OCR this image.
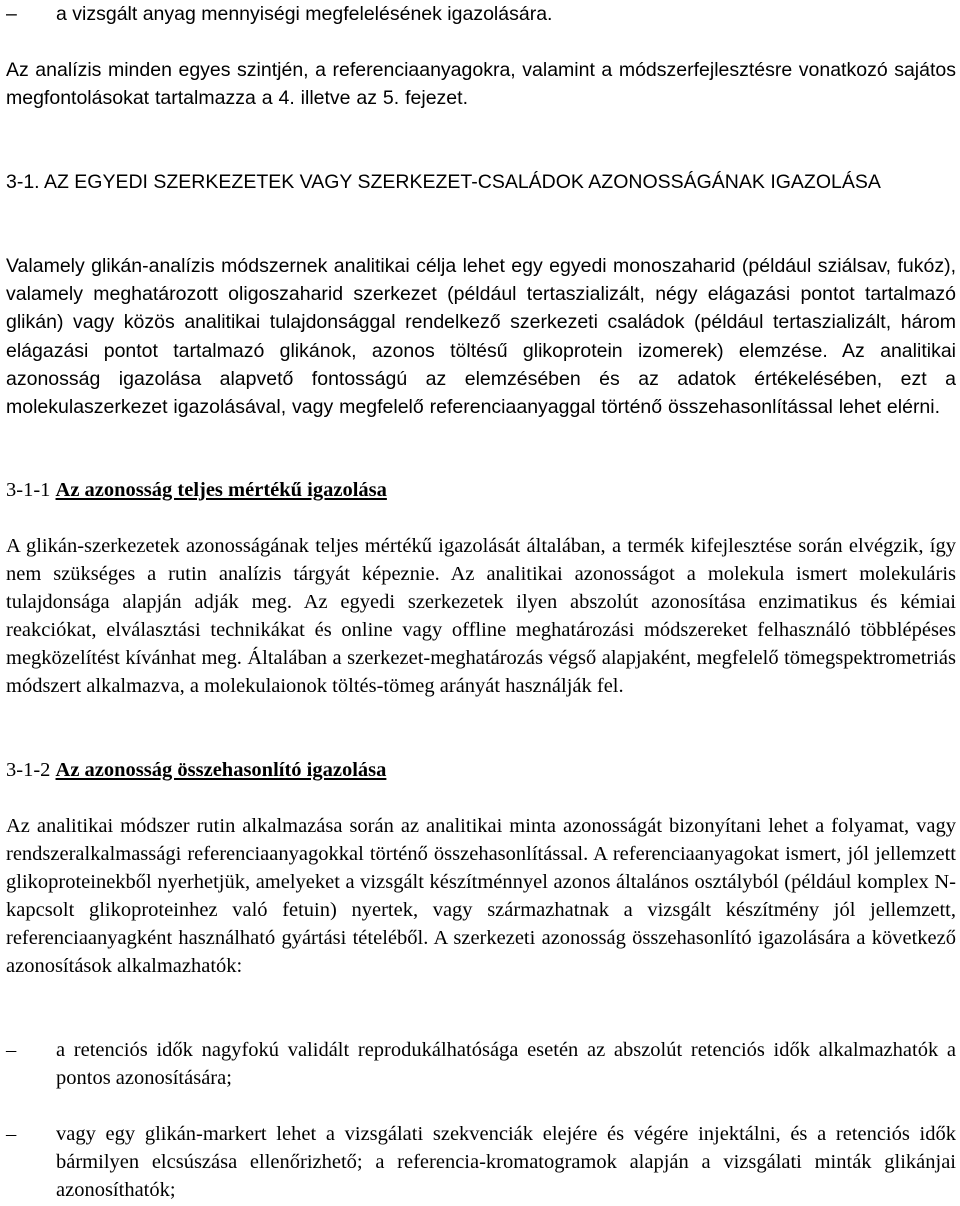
–	a vizsgált anyag mennyiségi megfelelésének igazolására.

Az analízis minden egyes szintjén, a referenciaanyagokra, valamint a módszerfejlesztésre vonatkozó sajátos megfontolásokat tartalmazza a 4. illetve az 5. fejezet.

3-1. AZ EGYEDI SZERKEZETEK VAGY SZERKEZET-CSALÁDOK AZONOSSÁGÁNAK IGAZOLÁSA

Valamely glikán-analízis módszernek analitikai célja lehet egy egyedi monoszaharid (például sziálsav, fukóz), valamely meghatározott oligoszaharid szerkezet (például tertaszializált, négy elágazási pontot tartalmazó glikán) vagy közös analitikai tulajdonsággal rendelkező szerkezeti családok (például tertaszializált, három elágazási pontot tartalmazó glikánok, azonos töltésű glikoprotein izomerek) elemzése. Az analitikai azonosság igazolása alapvető fontosságú az elemzésében és az adatok értékelésében, ezt a molekulaszerkezet igazolásával, vagy megfelelő referenciaanyaggal történő összehasonlítással lehet elérni.

3-1-1 Az azonosság teljes mértékű igazolása

A glikán-szerkezetek azonosságának teljes mértékű igazolását általában, a termék kifejlesztése során elvégzik, így nem szükséges a rutin analízis tárgyát képeznie. Az analitikai azonosságot a molekula ismert molekuláris tulajdonsága alapján adják meg. Az egyedi szerkezetek ilyen abszolút azonosítása enzimatikus és kémiai reakciókat, elválasztási technikákat és online vagy offline meghatározási módszereket felhasználó többlépéses megközelítést kívánhat meg. Általában a szerkezet-meghatározás végső alapjaként, megfelelő tömegspektrometriás módszert alkalmazva, a molekulaionok töltés-tömeg arányát használják fel.

3-1-2 Az azonosság összehasonlító igazolása

Az analitikai módszer rutin alkalmazása során az analitikai minta azonosságát bizonyítani lehet a folyamat, vagy rendszeralkalmassági referenciaanyagokkal történő összehasonlítással. A referenciaanyagokat ismert, jól jellemzett glikoproteinekből nyerhetjük, amelyeket a vizsgált készítménnyel azonos általános osztályból (például komplex N-kapcsolt glikoproteinhez való fetuin) nyertek, vagy származhatnak a vizsgált készítmény jól jellemzett, referenciaanyagként használható gyártási tételéből. A szerkezeti azonosság összehasonlító igazolására a következő azonosítások alkalmazhatók:

–	a retenciós idők nagyfokú validált reprodukálhatósága esetén az abszolút retenciós idők alkalmazhatók a pontos azonosítására;
–	vagy egy glikán-markert lehet a vizsgálati szekvenciák elejére és végére injektálni, és a retenciós idők bármilyen elcsúszása ellenőrizhető; a referencia-kromatogramok alapján a vizsgálati minták glikánjai azonosíthatók;
